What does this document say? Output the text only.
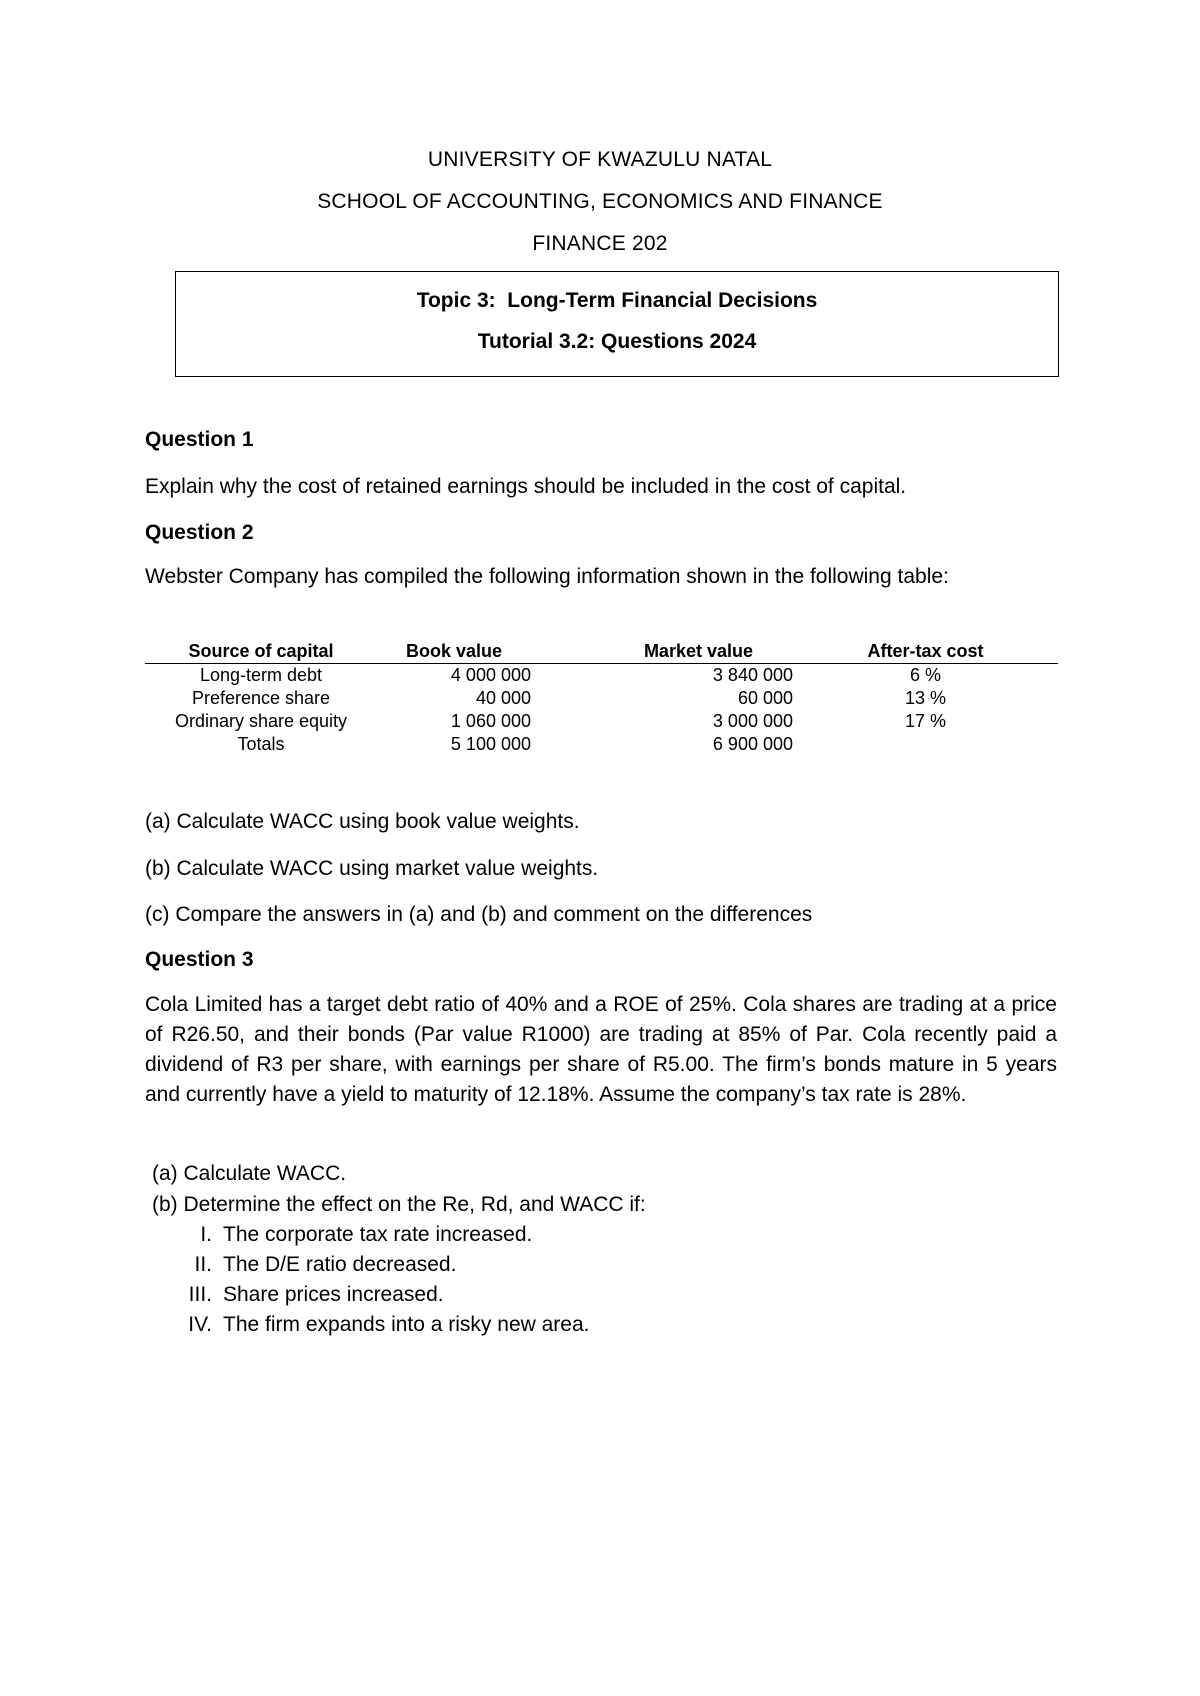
UNIVERSITY OF KWAZULU NATAL
SCHOOL OF ACCOUNTING, ECONOMICS AND FINANCE
FINANCE 202
Topic 3:  Long-Term Financial Decisions
Tutorial 3.2: Questions 2024
Question 1
Explain why the cost of retained earnings should be included in the cost of capital.
Question 2
Webster Company has compiled the following information shown in the following table:
Source of capital	Book value	Market value	After-tax cost
Long-term debt	4 000 000	3 840 000	6 %
Preference share	40 000	60 000	13 %
Ordinary share equity	1 060 000	3 000 000	17 %
Totals	5 100 000	6 900 000	
(a) Calculate WACC using book value weights.
(b) Calculate WACC using market value weights.
(c) Compare the answers in (a) and (b) and comment on the differences
Question 3
Cola Limited has a target debt ratio of 40% and a ROE of 25%. Cola shares are trading at a price of R26.50, and their bonds (Par value R1000) are trading at 85% of Par. Cola recently paid a dividend of R3 per share, with earnings per share of R5.00. The firm’s bonds mature in 5 years and currently have a yield to maturity of 12.18%. Assume the company’s tax rate is 28%.
(a) Calculate WACC.
(b) Determine the effect on the Re, Rd, and WACC if:
I. The corporate tax rate increased.
II. The D/E ratio decreased.
III. Share prices increased.
IV. The firm expands into a risky new area.
